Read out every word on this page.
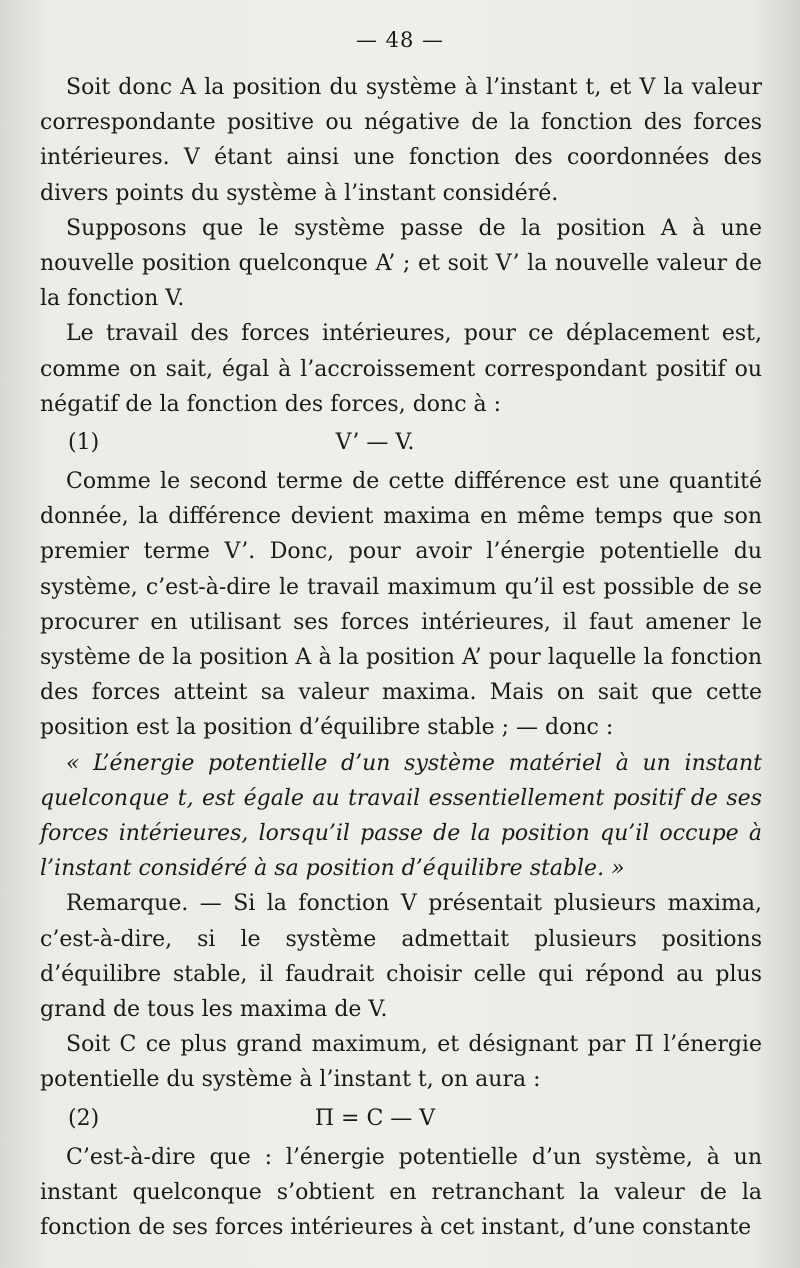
— 48 —

Soit donc A la position du système à l’instant t, et V la valeur correspondante positive ou négative de la fonction des forces intérieures. V étant ainsi une fonction des coordonnées des divers points du système à l’instant considéré.

Supposons que le système passe de la position A à une nouvelle position quelconque A’ ; et soit V’ la nouvelle valeur de la fonction V.

Le travail des forces intérieures, pour ce déplacement est, comme on sait, égal à l’accroissement correspondant positif ou négatif de la fonction des forces, donc à :

(1)	V’ — V.

Comme le second terme de cette différence est une quantité donnée, la différence devient maxima en même temps que son premier terme V’. Donc, pour avoir l’énergie potentielle du système, c’est-à-dire le travail maximum qu’il est possible de se procurer en utilisant ses forces intérieures, il faut amener le système de la position A à la position A’ pour laquelle la fonction des forces atteint sa valeur maxima. Mais on sait que cette position est la position d’équilibre stable ; — donc :

« L’énergie potentielle d’un système matériel à un instant quelconque t, est égale au travail essentiellement positif de ses forces intérieures, lorsqu’il passe de la position qu’il occupe à l’instant considéré à sa position d’équilibre stable. »

Remarque. — Si la fonction V présentait plusieurs maxima, c’est-à-dire, si le système admettait plusieurs positions d’équilibre stable, il faudrait choisir celle qui répond au plus grand de tous les maxima de V.

Soit C ce plus grand maximum, et désignant par Π l’énergie potentielle du système à l’instant t, on aura :

(2)	Π = C — V

C’est-à-dire que : l’énergie potentielle d’un système, à un instant quelconque s’obtient en retranchant la valeur de la fonction de ses forces intérieures à cet instant, d’une constante
